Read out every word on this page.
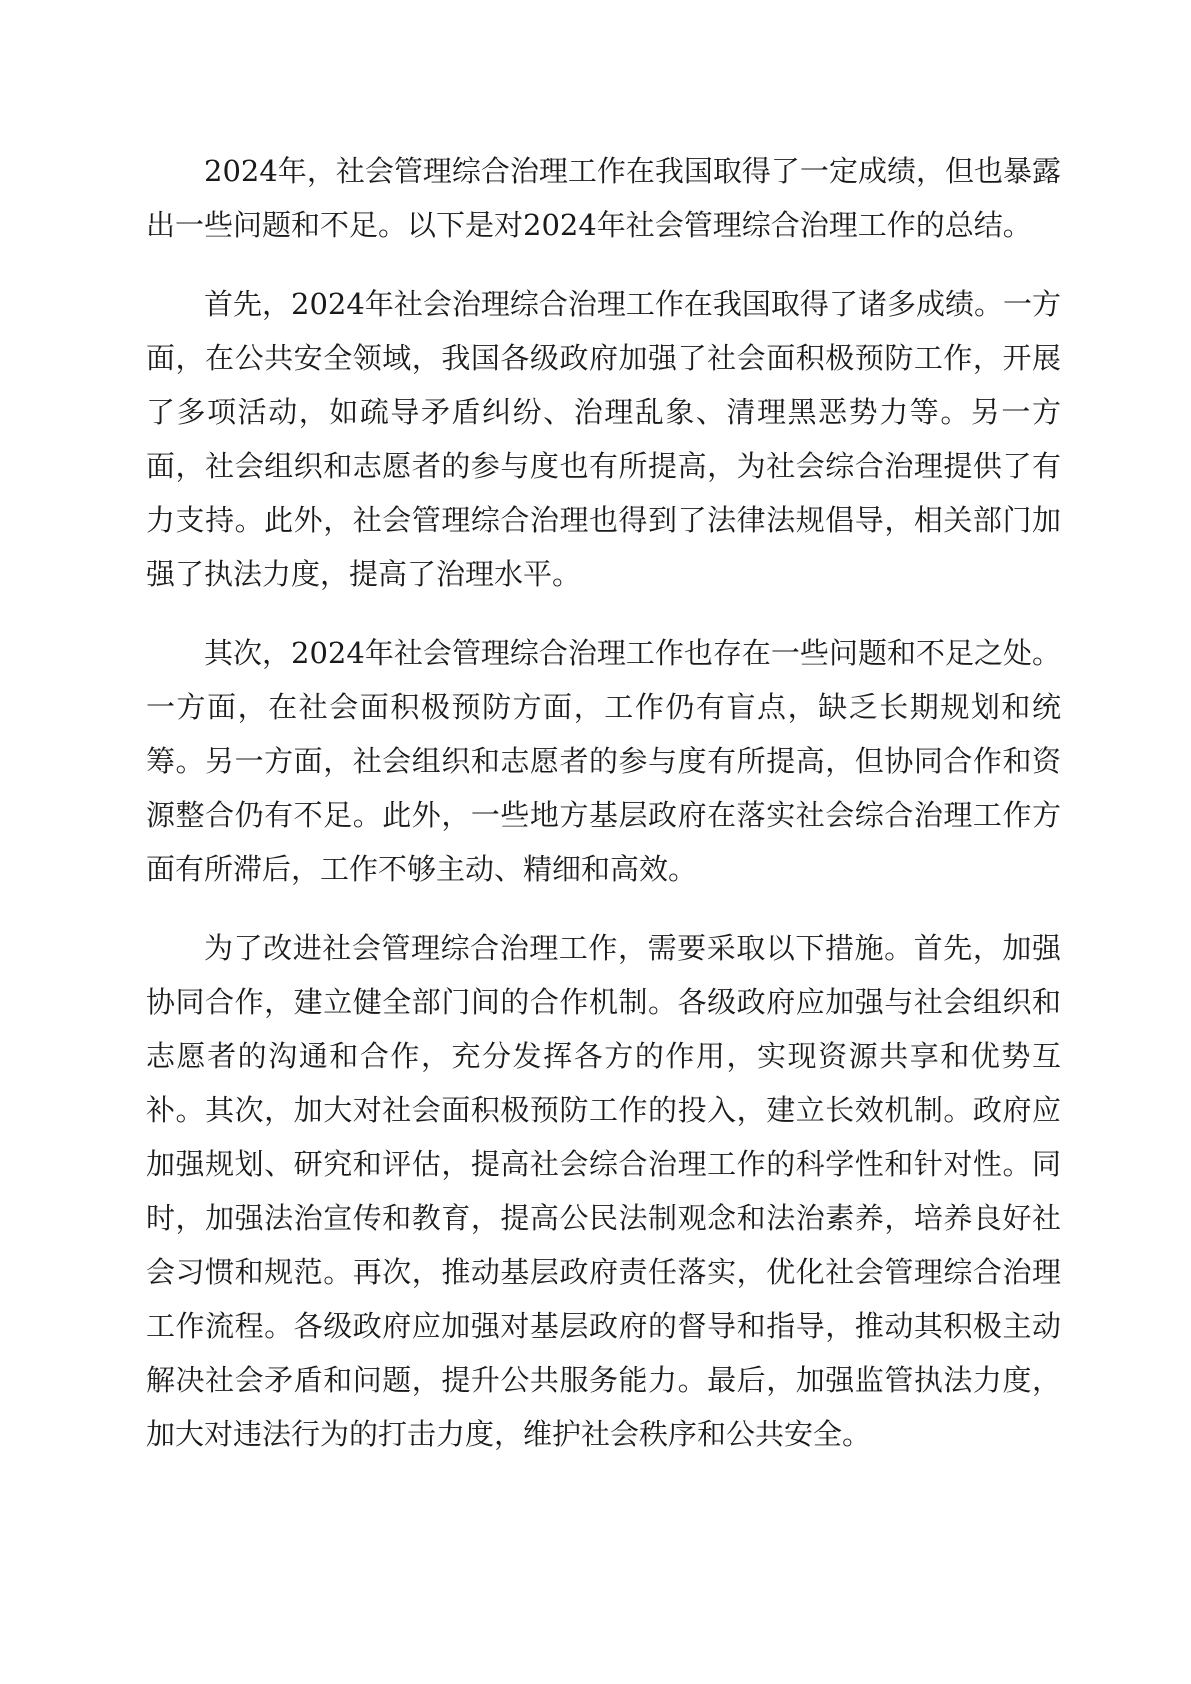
2024年，社会管理综合治理工作在我国取得了一定成绩，但也暴露出一些问题和不足。以下是对2024年社会管理综合治理工作的总结。

首先，2024年社会治理综合治理工作在我国取得了诸多成绩。一方面，在公共安全领域，我国各级政府加强了社会面积极预防工作，开展了多项活动，如疏导矛盾纠纷、治理乱象、清理黑恶势力等。另一方面，社会组织和志愿者的参与度也有所提高，为社会综合治理提供了有力支持。此外，社会管理综合治理也得到了法律法规倡导，相关部门加强了执法力度，提高了治理水平。

其次，2024年社会管理综合治理工作也存在一些问题和不足之处。一方面，在社会面积极预防方面，工作仍有盲点，缺乏长期规划和统筹。另一方面，社会组织和志愿者的参与度有所提高，但协同合作和资源整合仍有不足。此外，一些地方基层政府在落实社会综合治理工作方面有所滞后，工作不够主动、精细和高效。

为了改进社会管理综合治理工作，需要采取以下措施。首先，加强协同合作，建立健全部门间的合作机制。各级政府应加强与社会组织和志愿者的沟通和合作，充分发挥各方的作用，实现资源共享和优势互补。其次，加大对社会面积极预防工作的投入，建立长效机制。政府应加强规划、研究和评估，提高社会综合治理工作的科学性和针对性。同时，加强法治宣传和教育，提高公民法制观念和法治素养，培养良好社会习惯和规范。再次，推动基层政府责任落实，优化社会管理综合治理工作流程。各级政府应加强对基层政府的督导和指导，推动其积极主动解决社会矛盾和问题，提升公共服务能力。最后，加强监管执法力度，加大对违法行为的打击力度，维护社会秩序和公共安全。
